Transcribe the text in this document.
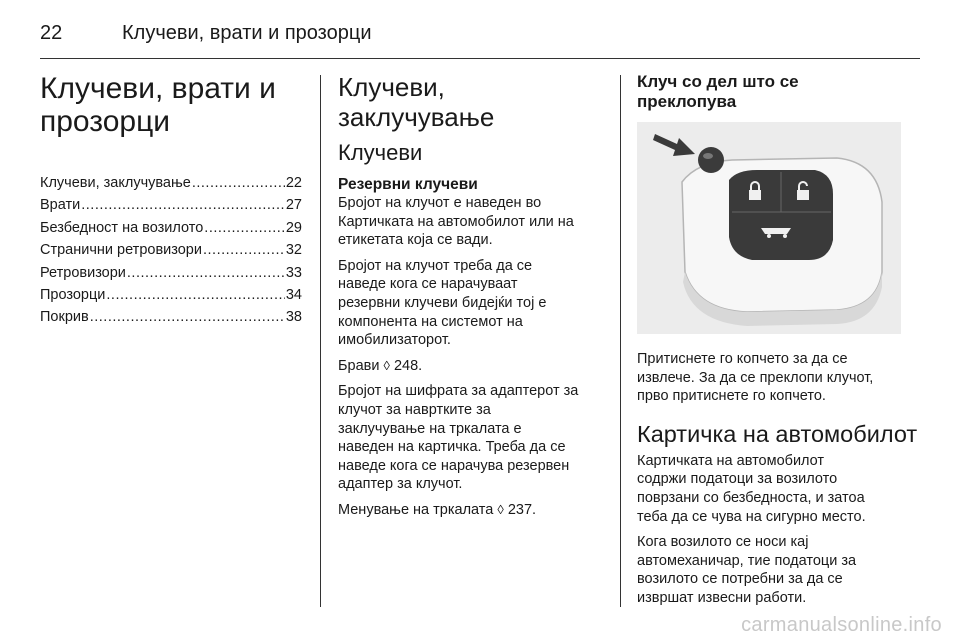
22	Клучеви, врати и прозорци
Клучеви, врати и
прозорци
Клучеви, заклучување .....	22
Врати .....	27
Безбедност на возилото .....	29
Странични ретровизори .....	32
Ретровизори .....	33
Прозорци .....	34
Покрив .....	38
Клучеви, заклучување
Клучеви
Резервни клучеви

Бројот на клучот е наведен во
Картичката на автомобилот или на
етикетата која се вади.

Бројот на клучот треба да се
наведе кога се нарачуваат
резервни клучеви бидејќи тој е
компонента на системот на
имобилизаторот.

Брави ◊ 248.

Бројот на шифрата за адаптерот за
клучот за навртките за
заклучување на тркалата е
наведен на картичка. Треба да се
наведе кога се нарачува резервен
адаптер за клучот.

Менување на тркалата ◊ 237.

Клуч со дел што се
преклопува

Притиснете го копчето за да се
извлече. За да се преклопи клучот,
прво притиснете го копчето.

Картичка на автомобилот

Картичката на автомобилот
содржи податоци за возилото
поврзани со безбедноста, и затоа
теба да се чува на сигурно место.

Кога возилото се носи кај
автомеханичар, тие податоци за
возилото се потребни за да се
извршат извесни работи.

carmanualsonline.info
